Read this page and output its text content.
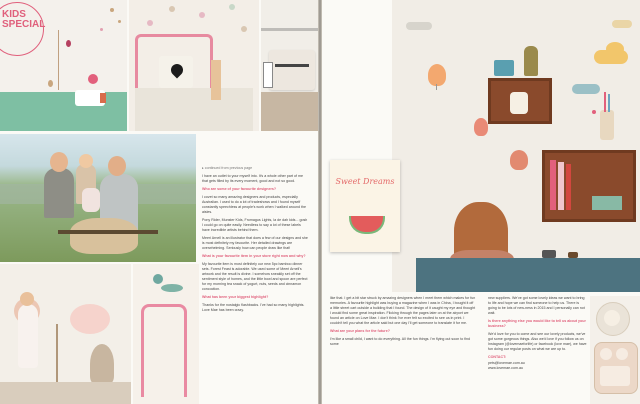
KIDS SPECIAL

▸ continued from previous page

I have an outlet to your myself into. It's a whole other part of me that gets filled by its every moment, good and not so good.

Who are some of your favourite designers?

I covet so many amazing designers and products, especially Australian. I used to do a lot of tradeshows and I found myself constantly speechless at people's work when I walked around the aisles.

Pony Rider, Munster Kids, Fromagus Lights, la de dah kids... gosh I could go on quite easily. Needless to say a lot of these labels have incredible artists behind them.

Meeri Arnell is an illustrator that does a few of our designs and she is most definitely my favourite. Her detailed drawings are overwhelming. Seriously how can people draw like that!

What is your favourite item in your store right now and why?

My favourite item is most definitely our new 5pc bamboo dinner sets. Forest Feast is adorable. We used some of Meeri Arnell's artwork and the result is divine. I somehow sneakily set off the sentiment style of homes, and the little bowl and spoon are perfect for my morning tea snack of yogurt, nuts, seeds and cinnamon concoction.

What has been your biggest highlight?

Thanks for the nostalgic flashbacks. I've had so many highlights. Love Mae has been crazy.

Sweet Dreams

like that. I get a bit star struck by amazing designers when I meet them which makes for fun memories. A favourite highlight was buying a magazine when I was in China, I bought it off a little street cart outside a building that I found. The design of it caught my eye and thought I would find some great inspiration. Flicking through the pages later on at the airport we found an article on Love Mae. I don't think I've ever felt so excited to see us in print. I couldn't tell you what the article said but one day I'll get someone to translate it for me.

What are your plans for the future?

I'm like a small child, I want to do everything. All the fun things. I'm flying out soon to find some

new suppliers. We've got some lovely ideas we want to bring to life and hope we can find someone to help us. There is going to be lots of new-ness in 2015 and I personally can not wait.

Is there anything else you would like to tell us about your business?

We'd love for you to come and see our lovely products, we've got some gorgeous things. Also we'd love if you follow us on Instagram (@lovemaeforlife) or facebook (love mae), we have fun doing our regular posts on what we are up to.

CONTACT:

pets@lovemae.com.au

www.lovemae.com.au
